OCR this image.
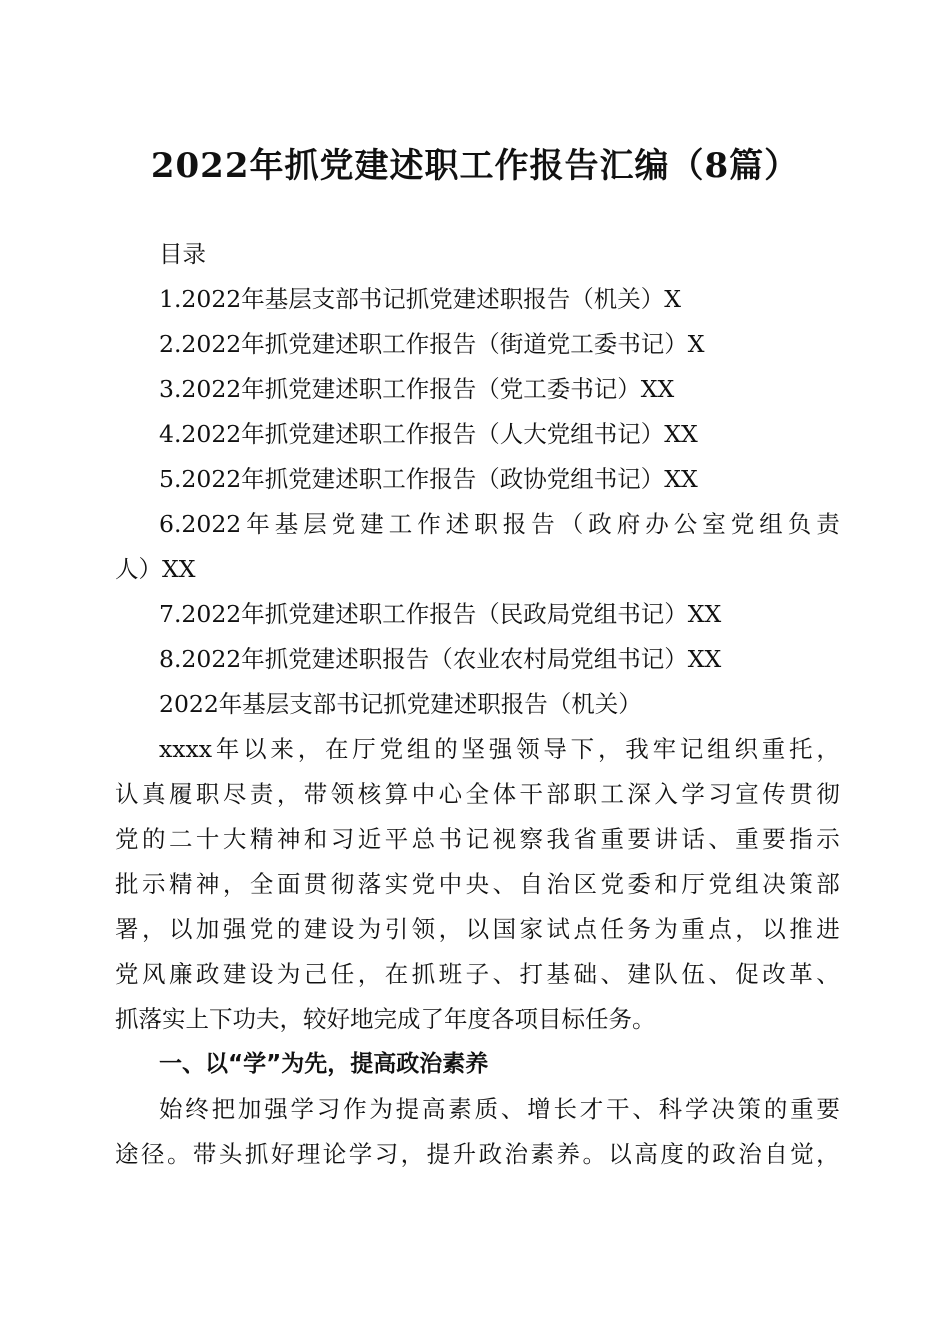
2022年抓党建述职工作报告汇编（8篇）
目录
1.2022年基层支部书记抓党建述职报告（机关）X
2.2022年抓党建述职工作报告（街道党工委书记）X
3.2022年抓党建述职工作报告（党工委书记）XX
4.2022年抓党建述职工作报告（人大党组书记）XX
5.2022年抓党建述职工作报告（政协党组书记）XX
6.2022 年 基 层 党 建 工 作 述 职 报 告 （ 政 府 办 公 室 党 组 负 责
人）XX
7.2022年抓党建述职工作报告（民政局党组书记）XX
8.2022年抓党建述职报告（农业农村局党组书记）XX
2022年基层支部书记抓党建述职报告（机关）
xxxx 年 以 来 ， 在 厅 党 组 的 坚 强 领 导 下 ， 我 牢 记 组 织 重 托 ，
认 真 履 职 尽 责 ， 带 领 核 算 中 心 全 体 干 部 职 工 深 入 学 习 宣 传 贯 彻
党 的 二 十 大 精 神 和 习 近 平 总 书 记 视 察 我 省 重 要 讲 话 、 重 要 指 示
批 示 精 神 ， 全 面 贯 彻 落 实 党 中 央 、 自 治 区 党 委 和 厅 党 组 决 策 部
署 ， 以 加 强 党 的 建 设 为 引 领 ， 以 国 家 试 点 任 务 为 重 点 ， 以 推 进
党 风 廉 政 建 设 为 己 任 ， 在 抓 班 子 、 打 基 础 、 建 队 伍 、 促 改 革 、
抓落实上下功夫，较好地完成了年度各项目标任务。
一、以“学”为先，提高政治素养
始 终 把 加 强 学 习 作 为 提 高 素 质 、 增 长 才 干 、 科 学 决 策 的 重 要
途 径 。 带 头 抓 好 理 论 学 习 ， 提 升 政 治 素 养 。 以 高 度 的 政 治 自 觉 ，
